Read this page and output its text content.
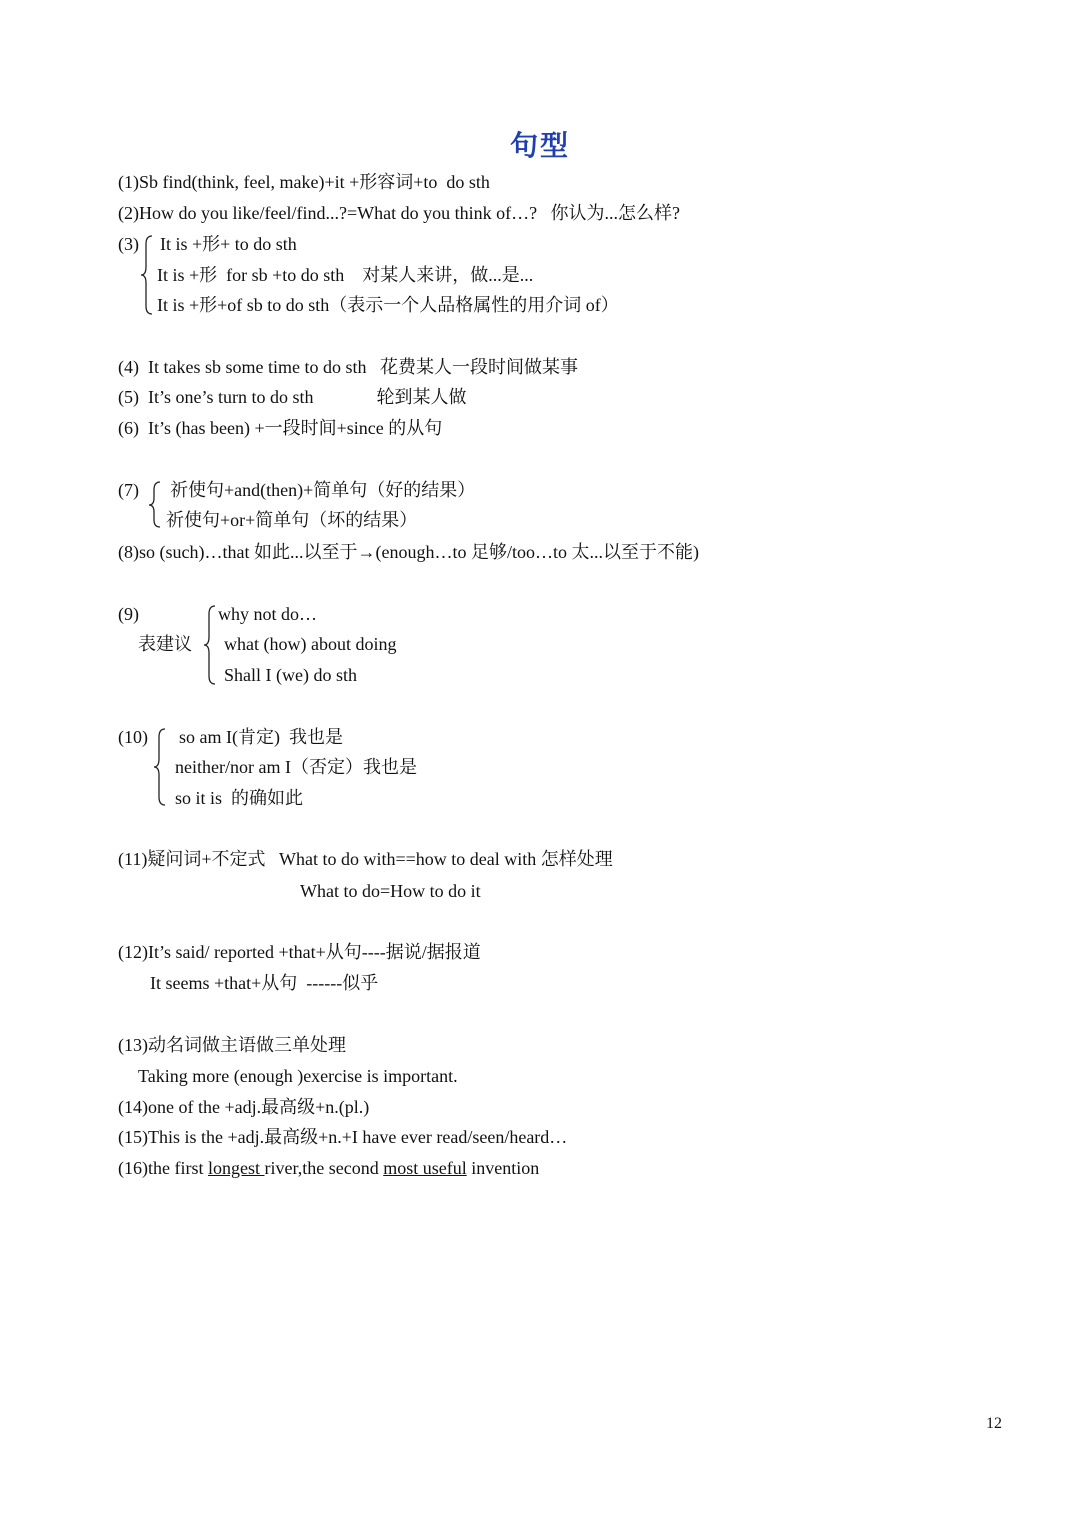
句型
(1)Sb find(think, feel, make)+it +形容词+to  do sth
(2)How do you like/feel/find...?=What do you think of…?   你认为...怎么样?
(3) It is +形+ to do sth
It is +形  for sb +to do sth    对某人来讲，做...是...
It is +形+of sb to do sth（表示一个人品格属性的用介词 of）
(4)  It takes sb some time to do sth   花费某人一段时间做某事
(5)  It’s one’s turn to do sth              轮到某人做
(6)  It’s (has been) +一段时间+since 的从句
(7) 祈使句+and(then)+简单句（好的结果）
祈使句+or+简单句（坏的结果）
(8)so (such)…that 如此...以至于→(enough…to 足够/too…to 太...以至于不能)
(9)
表建议
why not do…
what (how) about doing
Shall I (we) do sth
(10) so am I(肯定)  我也是
neither/nor am I（否定）我也是
so it is  的确如此
(11)疑问词+不定式   What to do with==how to deal with 怎样处理
What to do=How to do it
(12)It’s said/ reported +that+从句----据说/据报道
It seems +that+从句  ------似乎
(13)动名词做主语做三单处理
Taking more (enough )exercise is important.
(14)one of the +adj.最高级+n.(pl.)
(15)This is the +adj.最高级+n.+I have ever read/seen/heard…
(16)the first longest river,the second most useful invention
12
